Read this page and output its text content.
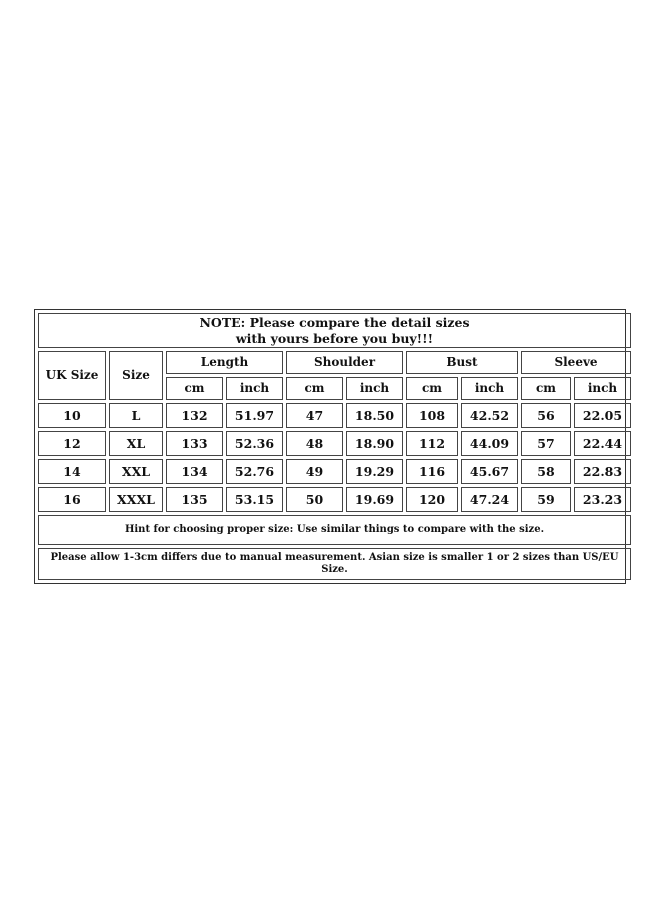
NOTE: Please compare the detail sizes
with yours before you buy!!!									

UK Size	Size	Length		Shoulder		Bust		Sleeve	
		cm	inch	cm	inch	cm	inch	cm	inch
10	L	132	51.97	47	18.50	108	42.52	56	22.05
12	XL	133	52.36	48	18.90	112	44.09	57	22.44
14	XXL	134	52.76	49	19.29	116	45.67	58	22.83
16	XXXL	135	53.15	50	19.69	120	47.24	59	23.23
Hint for choosing proper size: Use similar things to compare with the size.									
Please allow 1-3cm differs due to manual measurement. Asian size is smaller 1 or 2 sizes than US/EU Size.									
